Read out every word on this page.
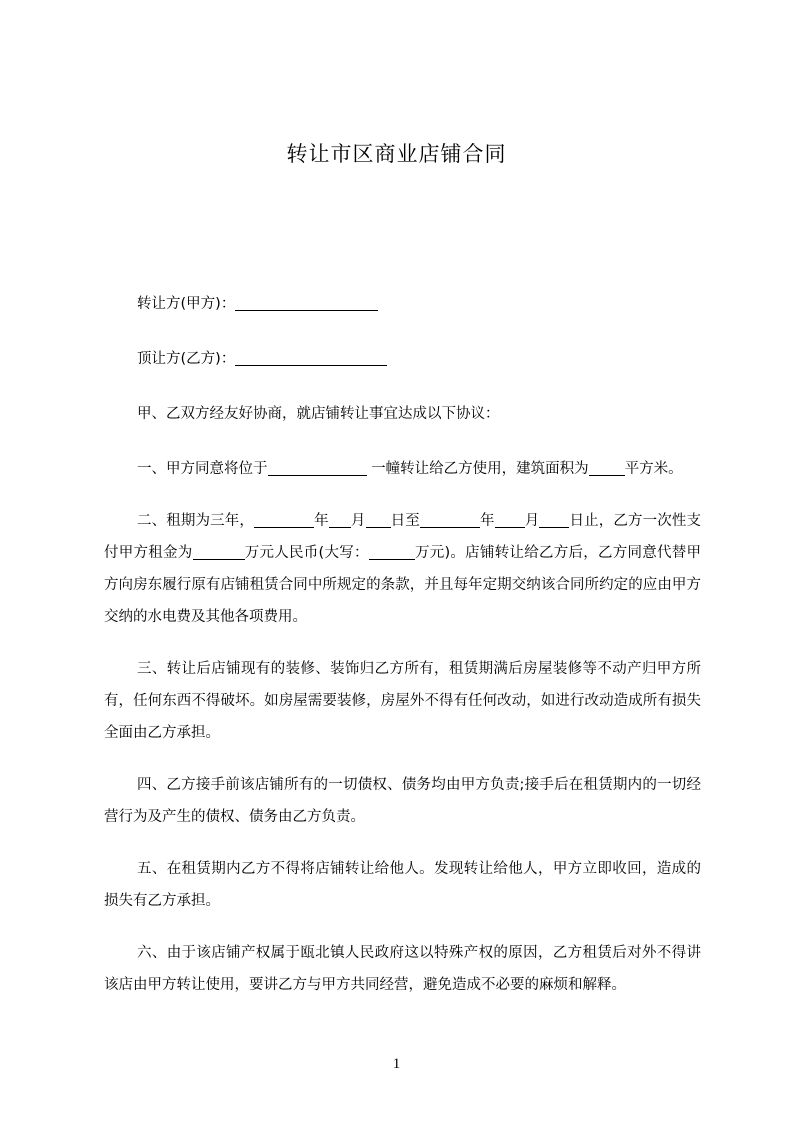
转让市区商业店铺合同
转让方(甲方)：
顶让方(乙方)：
甲、乙双方经友好协商，就店铺转让事宜达成以下协议：
一、甲方同意将位于	一幢转让给乙方使用，建筑面积为 平方米。
二、租期为三年，	年 月 日至	年 月 日止，乙方一次性支付甲方租金为	万元人民币(大写：	万元)。店铺转让给乙方后，乙方同意代替甲方向房东履行原有店铺租赁合同中所规定的条款，并且每年定期交纳该合同所约定的应由甲方交纳的水电费及其他各项费用。
三、转让后店铺现有的装修、装饰归乙方所有，租赁期满后房屋装修等不动产归甲方所有，任何东西不得破坏。如房屋需要装修，房屋外不得有任何改动，如进行改动造成所有损失全面由乙方承担。
四、乙方接手前该店铺所有的一切债权、债务均由甲方负责;接手后在租赁期内的一切经营行为及产生的债权、债务由乙方负责。
五、在租赁期内乙方不得将店铺转让给他人。发现转让给他人，甲方立即收回，造成的损失有乙方承担。
六、由于该店铺产权属于瓯北镇人民政府这以特殊产权的原因，乙方租赁后对外不得讲该店由甲方转让使用，要讲乙方与甲方共同经营，避免造成不必要的麻烦和解释。
1
